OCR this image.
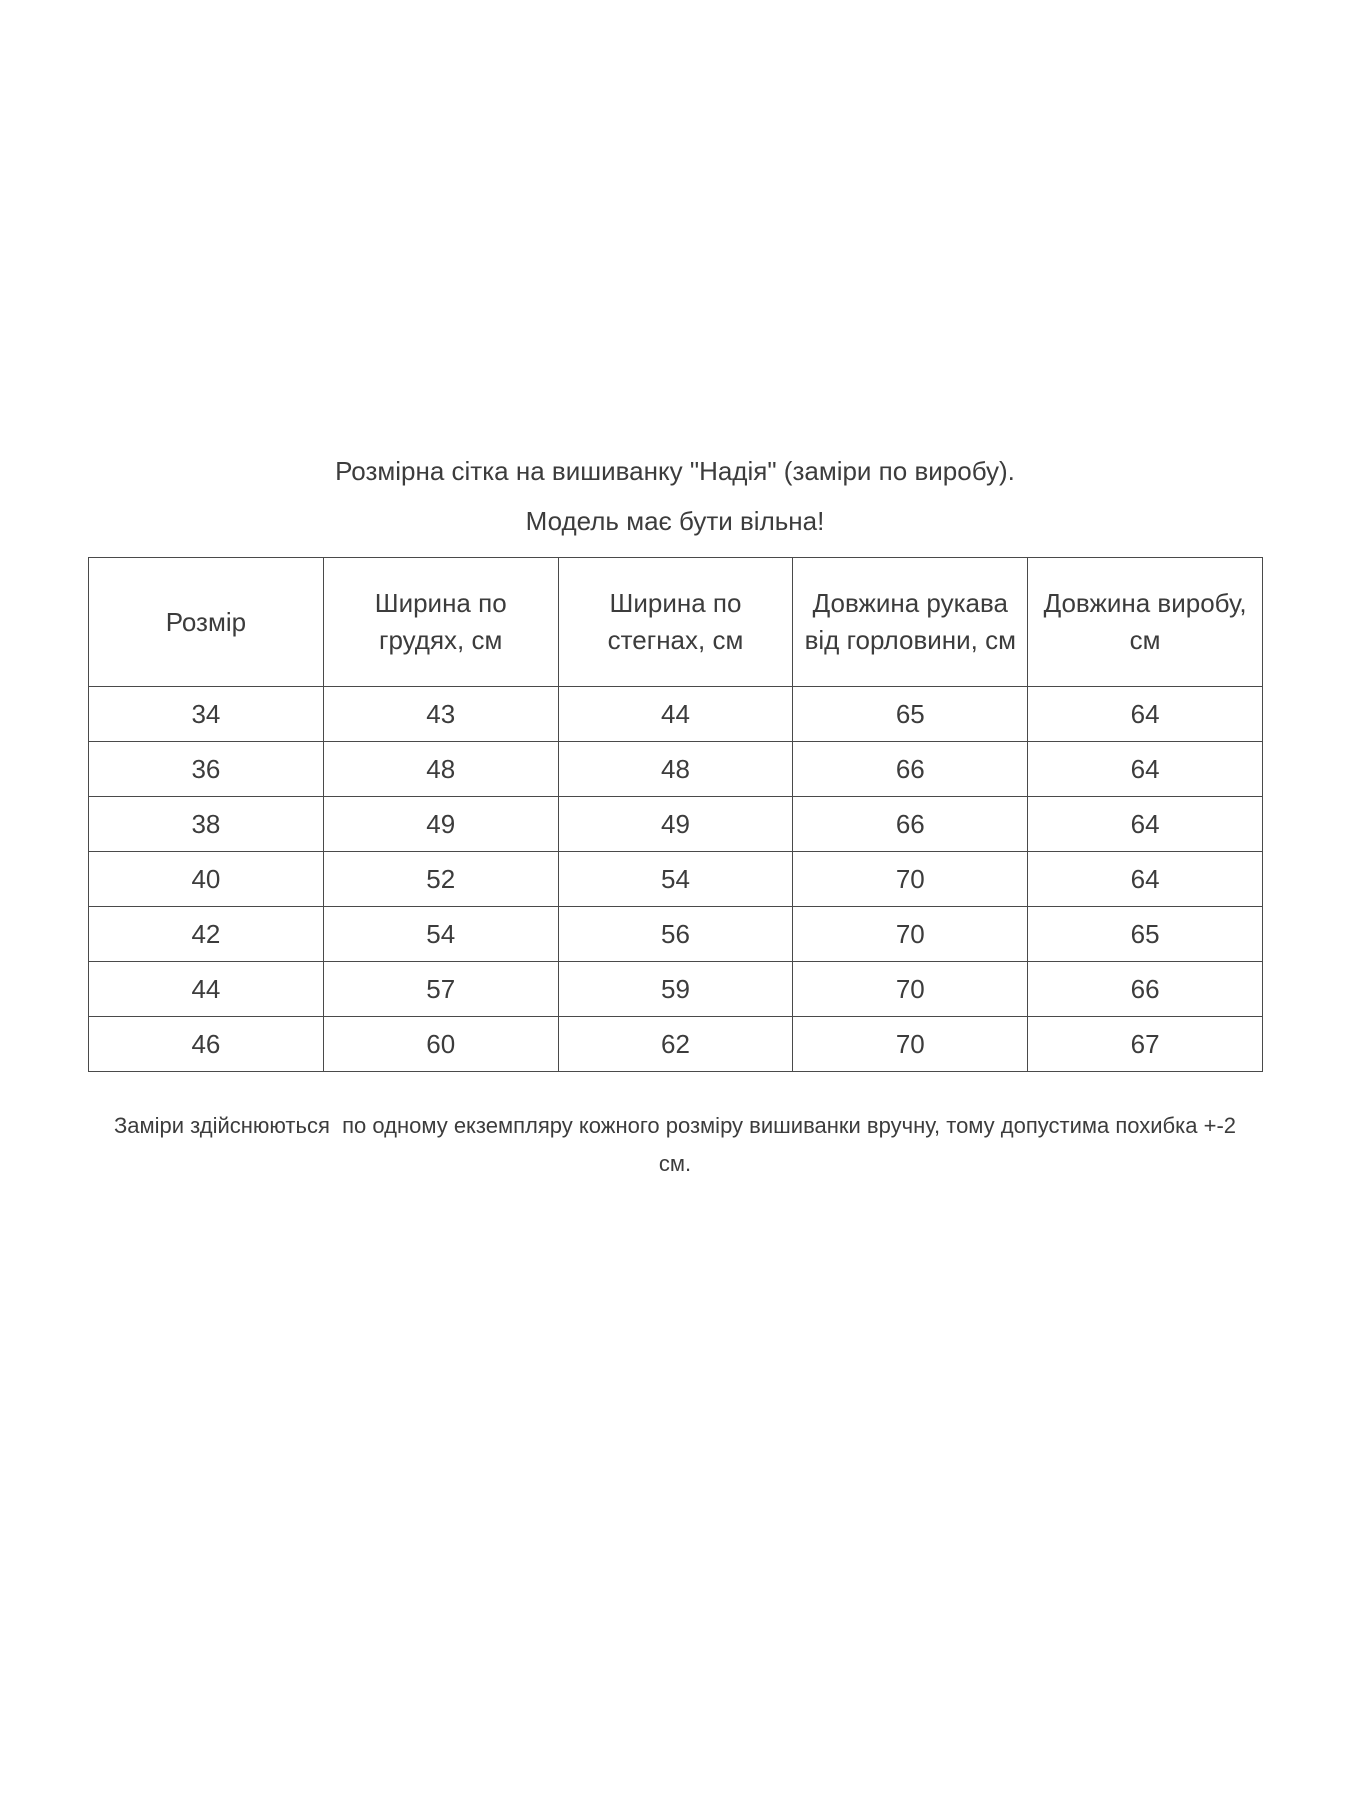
Розмірна сітка на вишиванку "Надія" (заміри по виробу).
Модель має бути вільна!
Розмір	Ширина по грудях, см	Ширина по стегнах, см	Довжина рукава від горловини, см	Довжина виробу, см
34	43	44	65	64
36	48	48	66	64
38	49	49	66	64
40	52	54	70	64
42	54	56	70	65
44	57	59	70	66
46	60	62	70	67
Заміри здійснюються  по одному екземпляру кожного розміру вишиванки вручну, тому допустима похибка +-2 см.
